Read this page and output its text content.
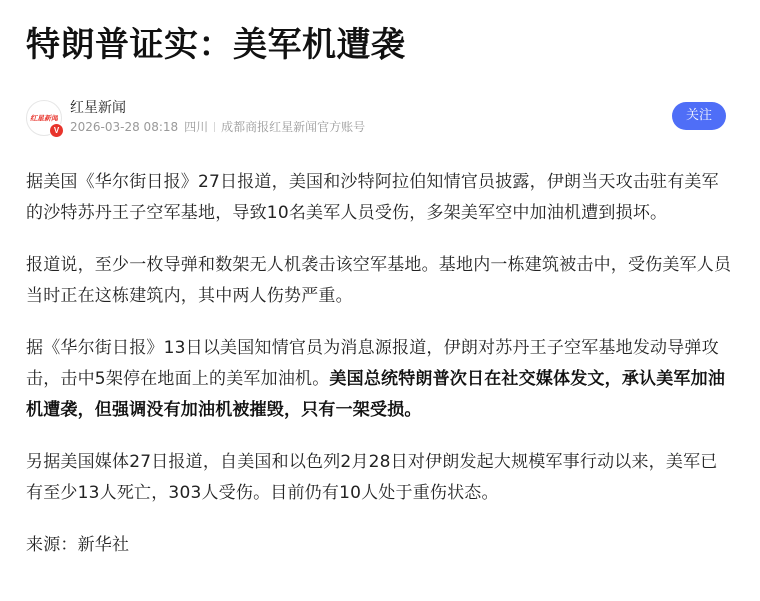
特朗普证实：美军机遭袭
红星新闻
V
红星新闻
2026-03-28 08:18 四川 成都商报红星新闻官方账号
关注

据美国《华尔街日报》27日报道，美国和沙特阿拉伯知情官员披露，伊朗当天攻击驻有美军的沙特苏丹王子空军基地，导致10名美军人员受伤，多架美军空中加油机遭到损坏。

报道说，至少一枚导弹和数架无人机袭击该空军基地。基地内一栋建筑被击中，受伤美军人员当时正在这栋建筑内，其中两人伤势严重。

据《华尔街日报》13日以美国知情官员为消息源报道，伊朗对苏丹王子空军基地发动导弹攻击，击中5架停在地面上的美军加油机。美国总统特朗普次日在社交媒体发文，承认美军加油机遭袭，但强调没有加油机被摧毁，只有一架受损。

另据美国媒体27日报道，自美国和以色列2月28日对伊朗发起大规模军事行动以来，美军已有至少13人死亡，303人受伤。目前仍有10人处于重伤状态。

来源：新华社
